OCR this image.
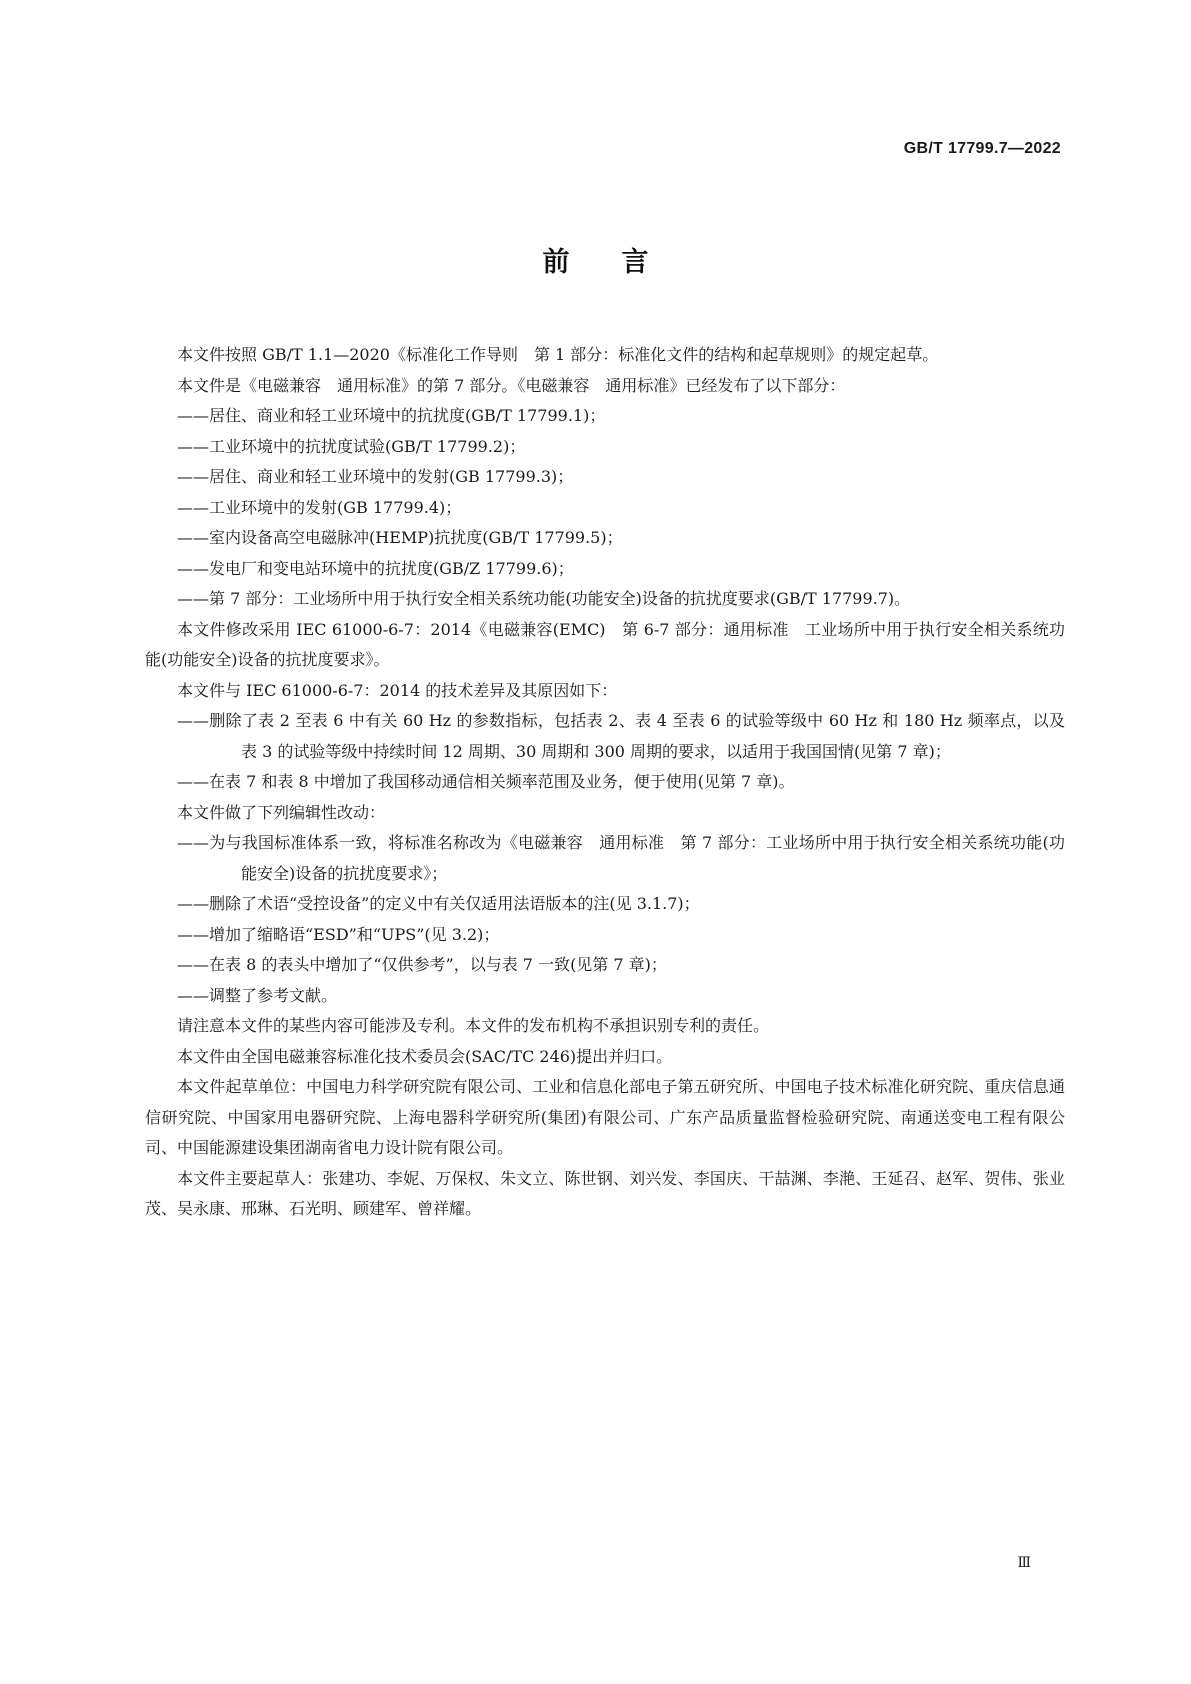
GB/T 17799.7—2022
前言

本文件按照 GB/T 1.1—2020《标准化工作导则　第 1 部分：标准化文件的结构和起草规则》的规定起草。

本文件是《电磁兼容　通用标准》的第 7 部分。《电磁兼容　通用标准》已经发布了以下部分：

——居住、商业和轻工业环境中的抗扰度(GB/T 17799.1)；

——工业环境中的抗扰度试验(GB/T 17799.2)；

——居住、商业和轻工业环境中的发射(GB 17799.3)；

——工业环境中的发射(GB 17799.4)；

——室内设备高空电磁脉冲(HEMP)抗扰度(GB/T 17799.5)；

——发电厂和变电站环境中的抗扰度(GB/Z 17799.6)；

——第 7 部分：工业场所中用于执行安全相关系统功能(功能安全)设备的抗扰度要求(GB/T 17799.7)。

本文件修改采用 IEC 61000-6-7：2014《电磁兼容(EMC)　第 6-7 部分：通用标准　工业场所中用于执行安全相关系统功能(功能安全)设备的抗扰度要求》。

本文件与 IEC 61000-6-7：2014 的技术差异及其原因如下：

——删除了表 2 至表 6 中有关 60 Hz 的参数指标，包括表 2、表 4 至表 6 的试验等级中 60 Hz 和 180 Hz 频率点，以及表 3 的试验等级中持续时间 12 周期、30 周期和 300 周期的要求，以适用于我国国情(见第 7 章)；

——在表 7 和表 8 中增加了我国移动通信相关频率范围及业务，便于使用(见第 7 章)。

本文件做了下列编辑性改动：

——为与我国标准体系一致，将标准名称改为《电磁兼容　通用标准　第 7 部分：工业场所中用于执行安全相关系统功能(功能安全)设备的抗扰度要求》；

——删除了术语“受控设备”的定义中有关仅适用法语版本的注(见 3.1.7)；

——增加了缩略语“ESD”和“UPS”(见 3.2)；

——在表 8 的表头中增加了“仅供参考”，以与表 7 一致(见第 7 章)；

——调整了参考文献。

请注意本文件的某些内容可能涉及专利。本文件的发布机构不承担识别专利的责任。

本文件由全国电磁兼容标准化技术委员会(SAC/TC 246)提出并归口。

本文件起草单位：中国电力科学研究院有限公司、工业和信息化部电子第五研究所、中国电子技术标准化研究院、重庆信息通信研究院、中国家用电器研究院、上海电器科学研究所(集团)有限公司、广东产品质量监督检验研究院、南通送变电工程有限公司、中国能源建设集团湖南省电力设计院有限公司。

本文件主要起草人：张建功、李妮、万保权、朱文立、陈世钢、刘兴发、李国庆、干喆渊、李滟、王延召、赵军、贺伟、张业茂、吴永康、邢琳、石光明、顾建军、曾祥耀。

Ⅲ
